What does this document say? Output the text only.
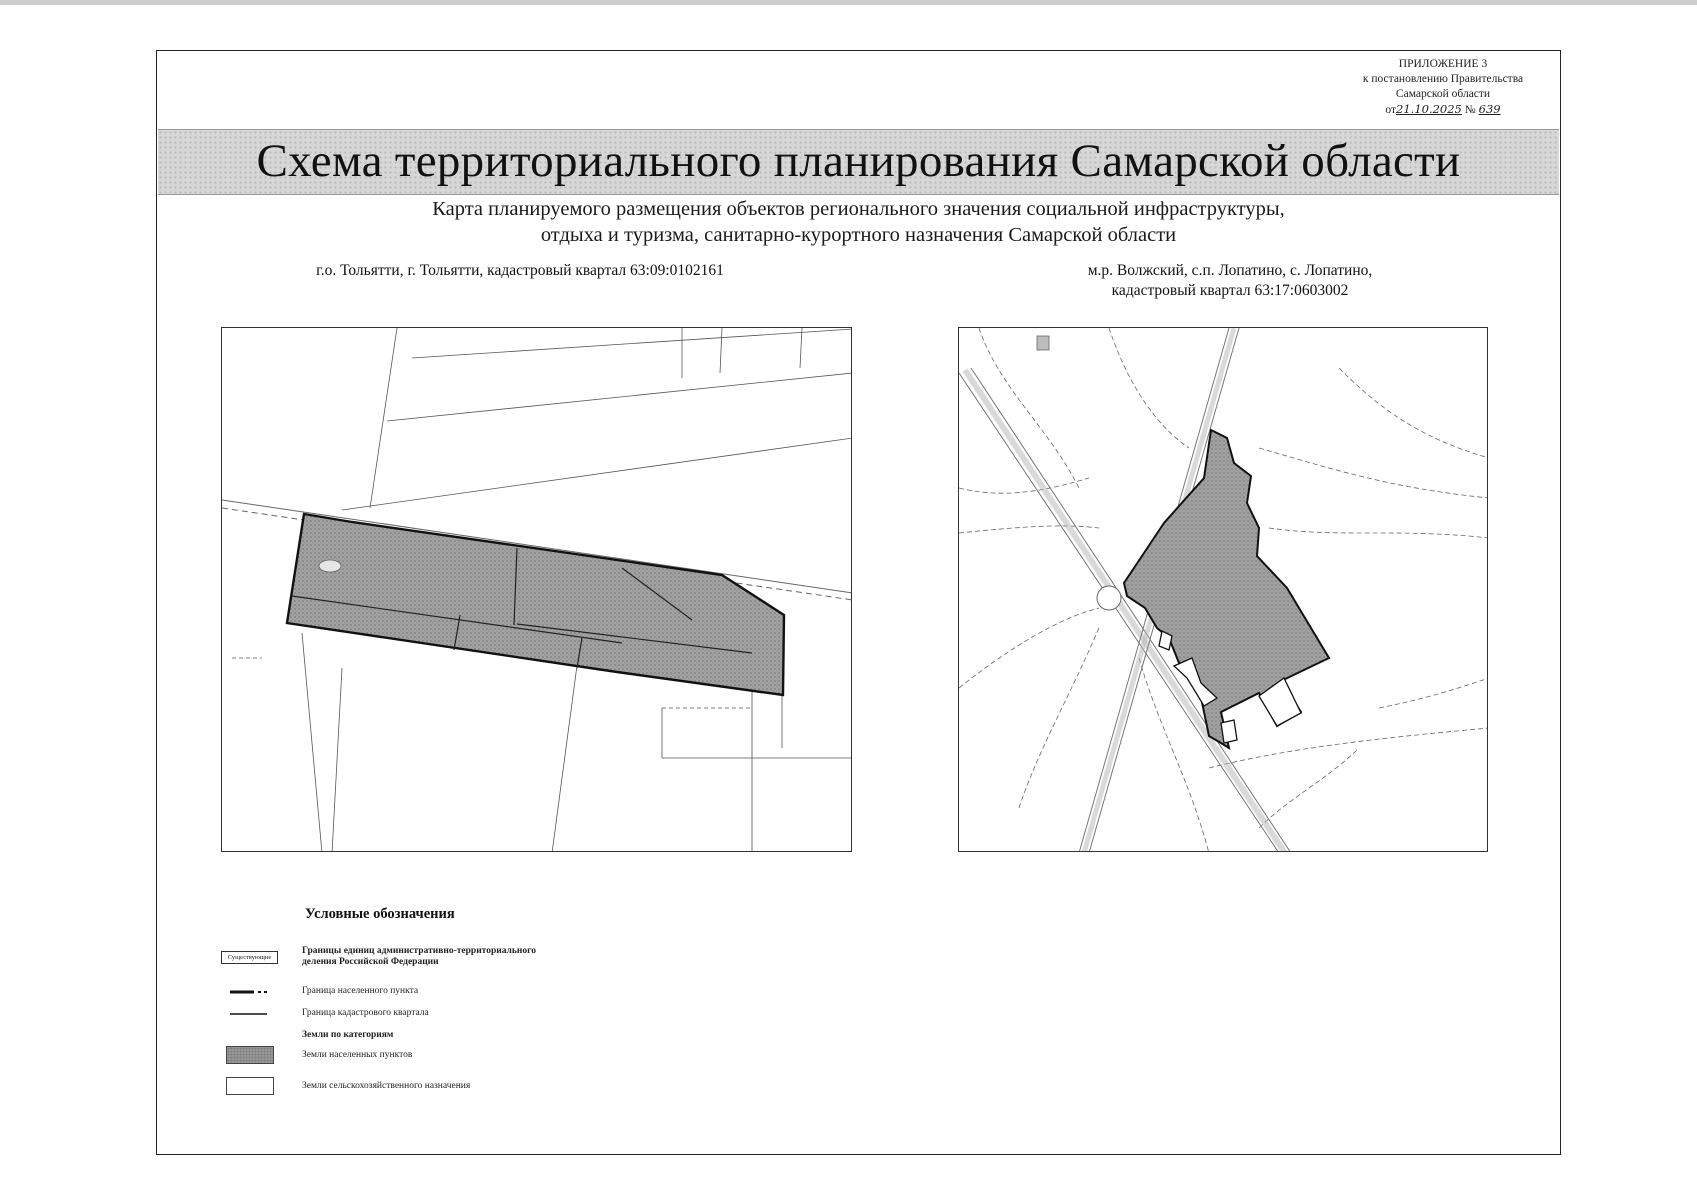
ПРИЛОЖЕНИЕ 3
к постановлению Правительства
Самарской области
от21.10.2025 № 639
Схема территориального планирования Самарской области
Карта планируемого размещения объектов регионального значения социальной инфраструктуры,
отдыха и туризма, санитарно-курортного назначения Самарской области
г.о. Тольятти, г. Тольятти, кадастровый квартал 63:09:0102161	м.р. Волжский, с.п. Лопатино, с. Лопатино,
кадастровый квартал 63:17:0603002
Условные обозначения
Существующие
Границы единиц административно-территориального
деления Российской Федерации
Граница населенного пункта
Граница кадастрового квартала
Земли по категориям
Земли населенных пунктов
Земли сельскохозяйственного назначения
